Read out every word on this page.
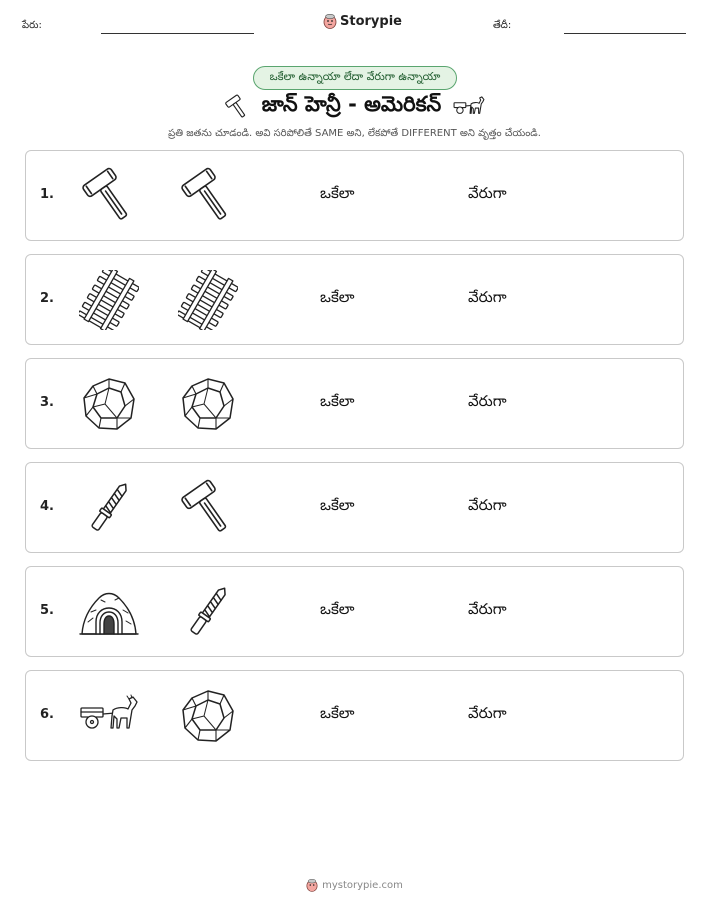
పేరు:	Storypie	తేదీ:
ఒకేలా ఉన్నాయా లేదా వేరుగా ఉన్నాయా
జాన్ హెన్రీ - అమెరికన్
ప్రతి జతను చూడండి. అవి సరిపోలితే SAME అని, లేకపోతే DIFFERENT అని వృత్తం చేయండి.
1.	ఒకేలా	వేరుగా
2.	ఒకేలా	వేరుగా
3.	ఒకేలా	వేరుగా
4.	ఒకేలా	వేరుగా
5.	ఒకేలా	వేరుగా
6.	ఒకేలా	వేరుగా
mystorypie.com
